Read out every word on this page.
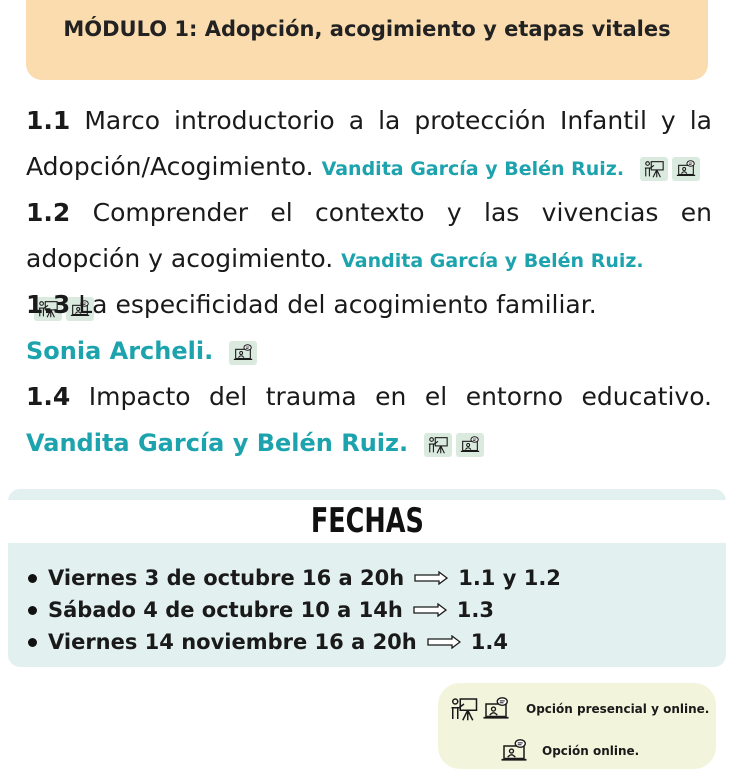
MÓDULO 1: Adopción, acogimiento y etapas vitales
1.1 Marco introductorio a la protección Infantil y la
Adopción/Acogimiento. Vandita García y Belén Ruiz.
1.2 Comprender el contexto y las vivencias en
adopción y acogimiento. Vandita García y Belén Ruiz.
1.3 La especificidad del acogimiento familiar.
Sonia Archeli.
1.4 Impacto del trauma en el entorno educativo.
Vandita García y Belén Ruiz.
FECHAS
Viernes 3 de octubre 16 a 20h	1.1 y 1.2
Sábado 4 de octubre 10 a 14h	1.3
Viernes 14 noviembre 16 a 20h	1.4
Opción presencial y online.
Opción online.
